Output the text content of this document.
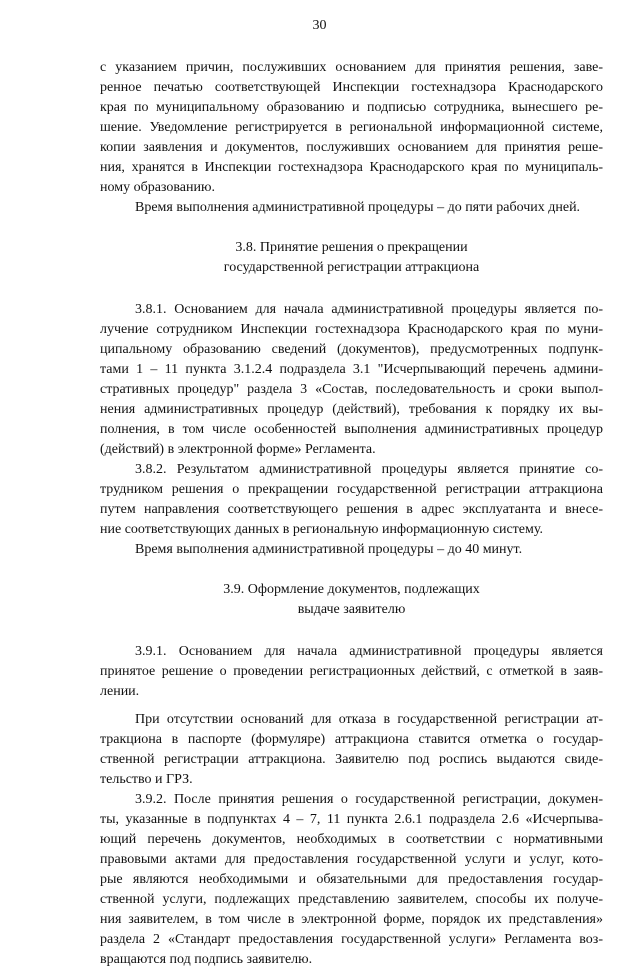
30
с указанием причин, послуживших основанием для принятия решения, заве-
ренное печатью соответствующей Инспекции гостехнадзора Краснодарского
края по муниципальному образованию и подписью сотрудника, вынесшего ре-
шение. Уведомление регистрируется в региональной информационной системе,
копии заявления и документов, послуживших основанием для принятия реше-
ния, хранятся в Инспекции гостехнадзора Краснодарского края по муниципаль-
ному образованию.
Время выполнения административной процедуры – до пяти рабочих дней.
3.8. Принятие решения о прекращении
государственной регистрации аттракциона
3.8.1. Основанием для начала административной процедуры является по-
лучение сотрудником Инспекции гостехнадзора Краснодарского края по муни-
ципальному образованию сведений (документов), предусмотренных подпунк-
тами 1 – 11 пункта 3.1.2.4 подраздела 3.1 "Исчерпывающий перечень админи-
стративных процедур" раздела 3 «Состав, последовательность и сроки выпол-
нения административных процедур (действий), требования к порядку их вы-
полнения, в том числе особенностей выполнения административных процедур
(действий) в электронной форме» Регламента.
3.8.2. Результатом административной процедуры является принятие со-
трудником решения о прекращении государственной регистрации аттракциона
путем направления соответствующего решения в адрес эксплуатанта и внесе-
ние соответствующих данных в региональную информационную систему.
Время выполнения административной процедуры – до 40 минут.
3.9. Оформление документов, подлежащих
выдаче заявителю
3.9.1. Основанием для начала административной процедуры является
принятое решение о проведении регистрационных действий, с отметкой в заяв-
лении.
При отсутствии оснований для отказа в государственной регистрации ат-
тракциона в паспорте (формуляре) аттракциона ставится отметка о государ-
ственной регистрации аттракциона. Заявителю под роспись выдаются свиде-
тельство и ГРЗ.
3.9.2. После принятия решения о государственной регистрации, докумен-
ты, указанные в подпунктах 4 – 7, 11 пункта 2.6.1 подраздела 2.6 «Исчерпыва-
ющий перечень документов, необходимых в соответствии с нормативными
правовыми актами для предоставления государственной услуги и услуг, кото-
рые являются необходимыми и обязательными для предоставления государ-
ственной услуги, подлежащих представлению заявителем, способы их получе-
ния заявителем, в том числе в электронной форме, порядок их представления»
раздела 2 «Стандарт предоставления государственной услуги» Регламента воз-
вращаются под подпись заявителю.
